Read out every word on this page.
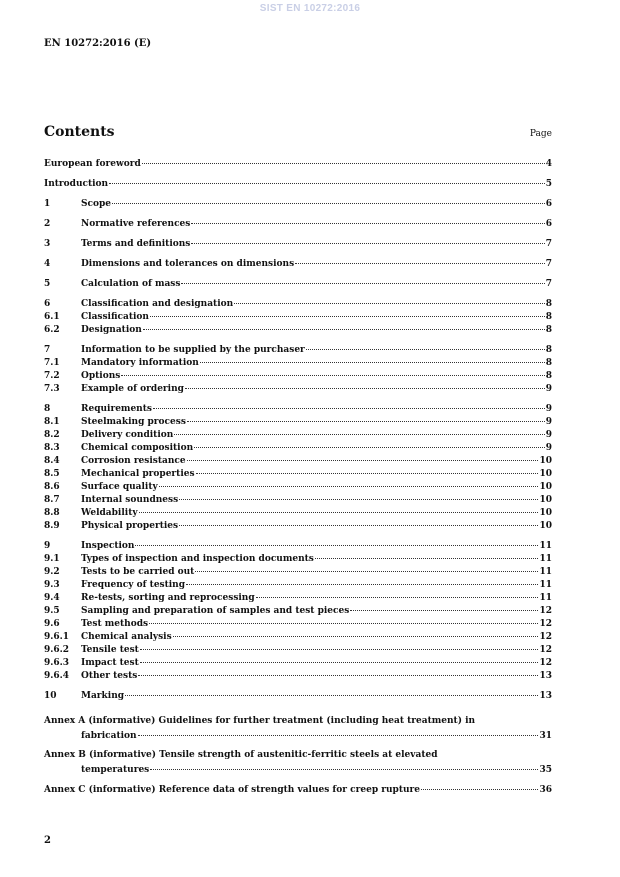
SIST EN 10272:2016
EN 10272:2016 (E)
Contents	Page
European foreword	4
Introduction	5
1	Scope	6
2	Normative references	6
3	Terms and definitions	7
4	Dimensions and tolerances on dimensions	7
5	Calculation of mass	7
6	Classification and designation	8
6.1	Classification	8
6.2	Designation	8
7	Information to be supplied by the purchaser	8
7.1	Mandatory information	8
7.2	Options	8
7.3	Example of ordering	9
8	Requirements	9
8.1	Steelmaking process	9
8.2	Delivery condition	9
8.3	Chemical composition	9
8.4	Corrosion resistance	10
8.5	Mechanical properties	10
8.6	Surface quality	10
8.7	Internal soundness	10
8.8	Weldability	10
8.9	Physical properties	10
9	Inspection	11
9.1	Types of inspection and inspection documents	11
9.2	Tests to be carried out	11
9.3	Frequency of testing	11
9.4	Re-tests, sorting and reprocessing	11
9.5	Sampling and preparation of samples and test pieces	12
9.6	Test methods	12
9.6.1	Chemical analysis	12
9.6.2	Tensile test	12
9.6.3	Impact test	12
9.6.4	Other tests	13
10	Marking	13
Annex A (informative) Guidelines for further treatment (including heat treatment) in
fabrication	31
Annex B (informative) Tensile strength of austenitic-ferritic steels at elevated
temperatures	35
Annex C (informative) Reference data of strength values for creep rupture	36
2
